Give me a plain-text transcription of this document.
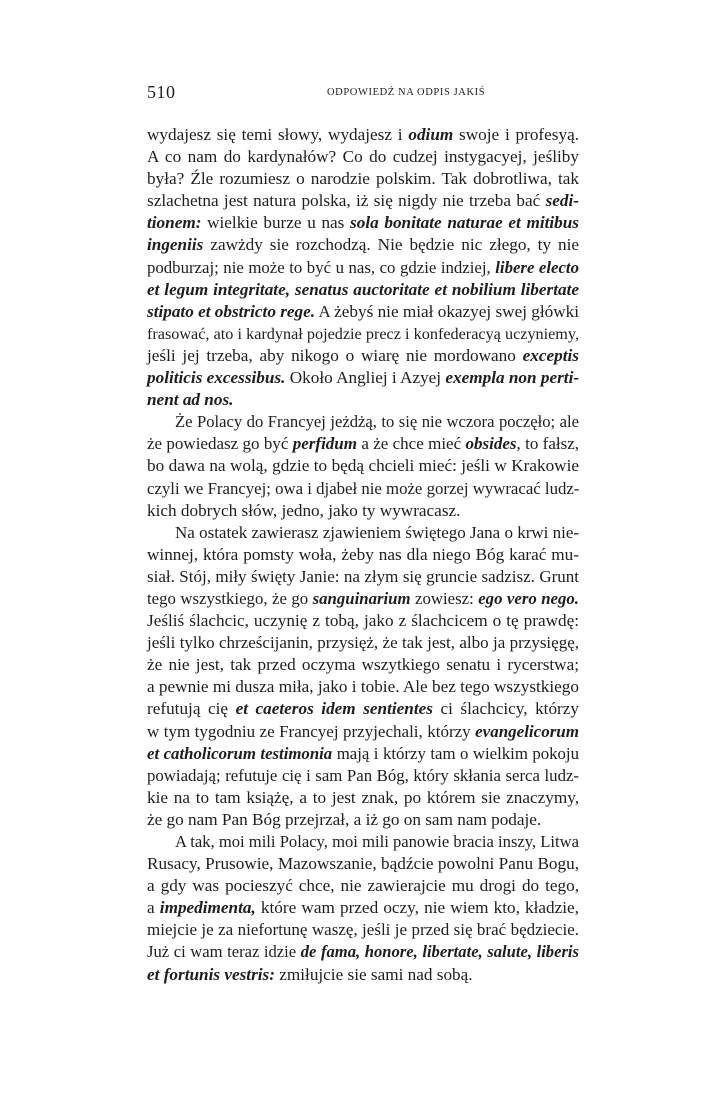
510	ODPOWIEDŹ NA ODPIS JAKIŚ
wydajesz się temi słowy, wydajesz i odium swoje i profesyą.
A co nam do kardynałów? Co do cudzej instygacyej, jeśliby
była? Źle rozumiesz o narodzie polskim. Tak dobrotliwa, tak
szlachetna jest natura polska, iż się nigdy nie trzeba bać sedi-
tionem: wielkie burze u nas sola bonitate naturae et mitibus
ingeniis zawżdy sie rozchodzą. Nie będzie nic złego, ty nie
podburzaj; nie może to być u nas, co gdzie indziej, libere electo
et legum integritate, senatus auctoritate et nobilium libertate
stipato et obstricto rege. A żebyś nie miał okazyej swej główki
frasować, ato i kardynał pojedzie precz i konfederacyą uczyniemy,
jeśli jej trzeba, aby nikogo o wiarę nie mordowano exceptis
politicis excessibus. Około Angliej i Azyej exempla non perti-
nent ad nos.
Że Polacy do Francyej jeżdżą, to się nie wczora poczęło; ale
że powiedasz go być perfidum a że chce mieć obsides, to fałsz,
bo dawa na wolą, gdzie to będą chcieli mieć: jeśli w Krakowie
czyli we Francyej; owa i djabeł nie może gorzej wywracać ludz-
kich dobrych słów, jedno, jako ty wywracasz.
Na ostatek zawierasz zjawieniem świętego Jana o krwi nie-
winnej, która pomsty woła, żeby nas dla niego Bóg karać mu-
siał. Stój, miły święty Janie: na złym się gruncie sadzisz. Grunt
tego wszystkiego, że go sanguinarium zowiesz: ego vero nego.
Jeśliś ślachcic, uczynię z tobą, jako z ślachcicem o tę prawdę:
jeśli tylko chrześcijanin, przysięż, że tak jest, albo ja przysięgę,
że nie jest, tak przed oczyma wszytkiego senatu i rycerstwa;
a pewnie mi dusza miła, jako i tobie. Ale bez tego wszystkiego
refutują cię et caeteros idem sentientes ci ślachcicy, którzy
w tym tygodniu ze Francyej przyjechali, którzy evangelicorum
et catholicorum testimonia mają i którzy tam o wielkim pokoju
powiadają; refutuje cię i sam Pan Bóg, który skłania serca ludz-
kie na to tam książę, a to jest znak, po którem sie znaczymy,
że go nam Pan Bóg przejrzał, a iż go on sam nam podaje.
A tak, moi mili Polacy, moi mili panowie bracia inszy, Litwa
Rusacy, Prusowie, Mazowszanie, bądźcie powolni Panu Bogu,
a gdy was pocieszyć chce, nie zawierajcie mu drogi do tego,
a impedimenta, które wam przed oczy, nie wiem kto, kładzie,
miejcie je za niefortunę waszę, jeśli je przed się brać będziecie.
Już ci wam teraz idzie de fama, honore, libertate, salute, liberis
et fortunis vestris: zmiłujcie sie sami nad sobą.
